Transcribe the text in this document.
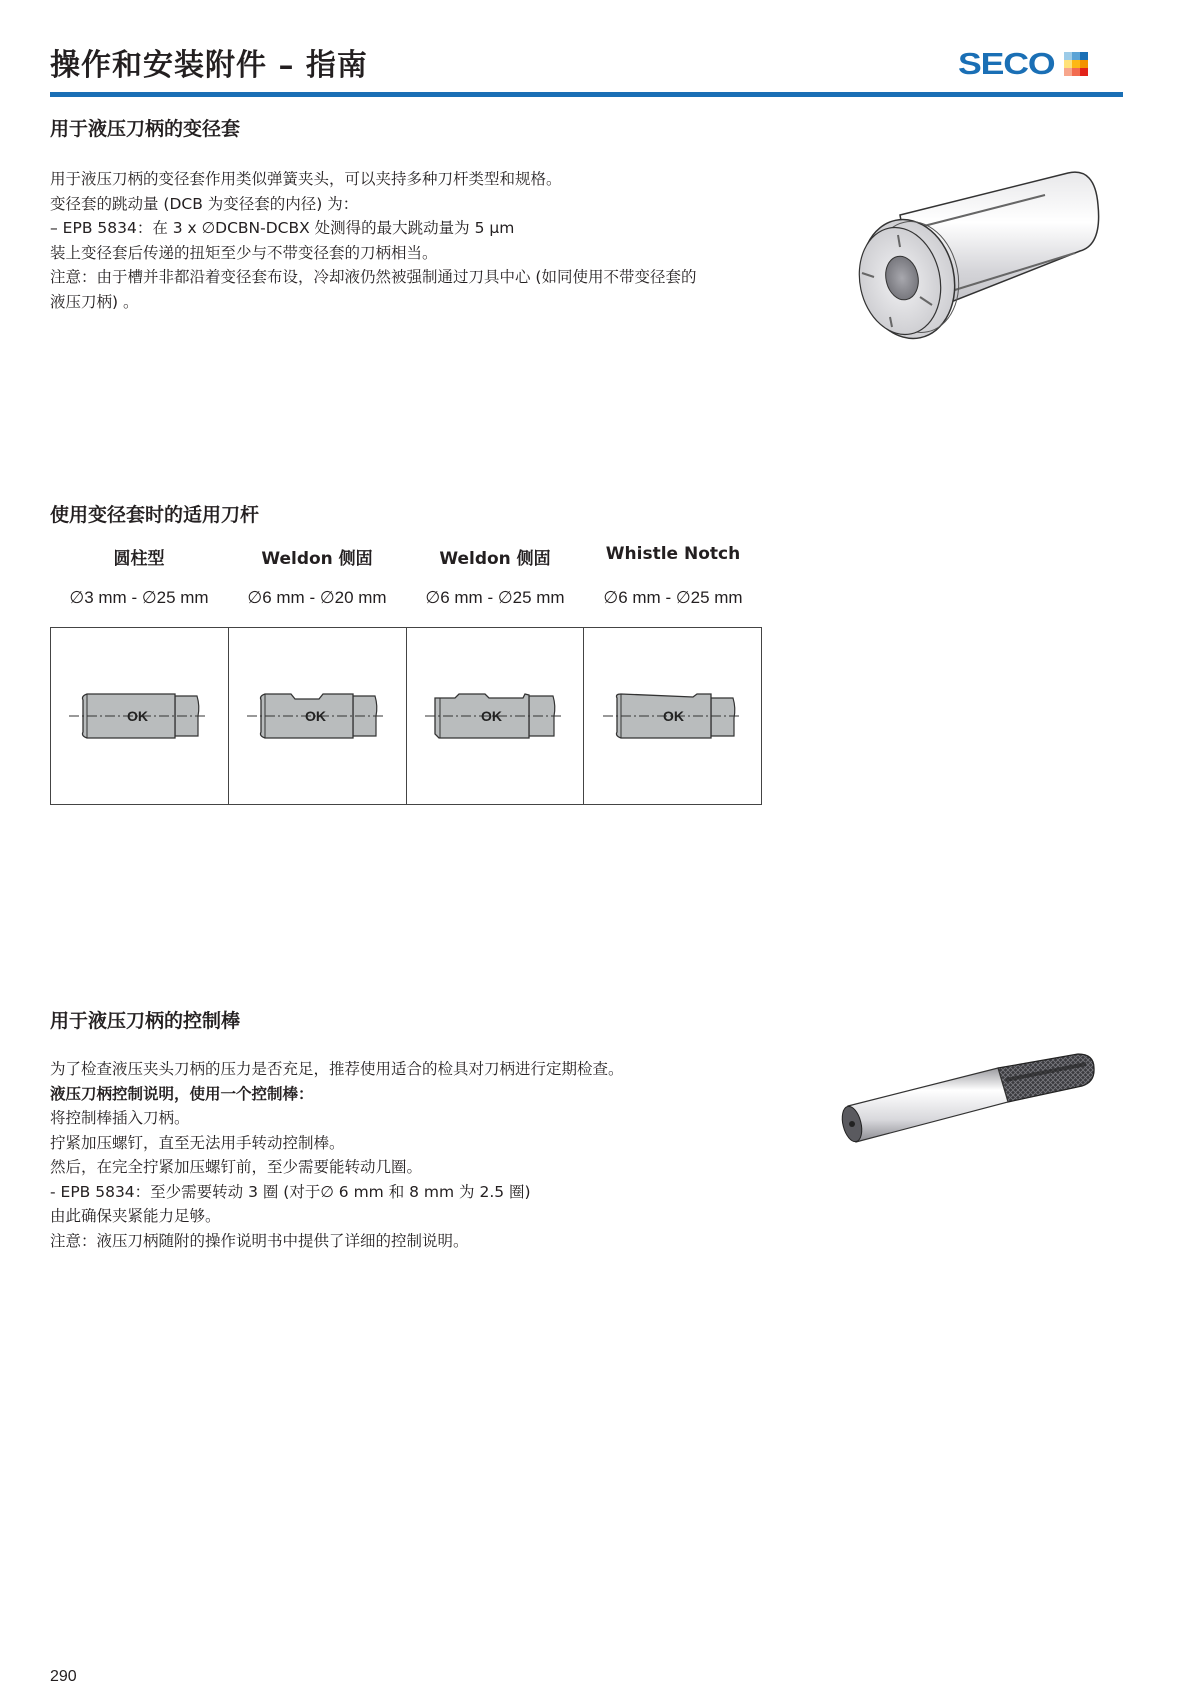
操作和安装附件 – 指南	SECO
用于液压刀柄的变径套
用于液压刀柄的变径套作用类似弹簧夹头，可以夹持多种刀杆类型和规格。
变径套的跳动量 (DCB 为变径套的内径) 为：
– EPB 5834：在 3 x ∅DCBN-DCBX 处测得的最大跳动量为 5 µm
装上变径套后传递的扭矩至少与不带变径套的刀柄相当。
注意：由于槽并非都沿着变径套布设，冷却液仍然被强制通过刀具中心 (如同使用不带变径套的
液压刀柄) 。
使用变径套时的适用刀杆
圆柱型	Weldon 侧固	Weldon 侧固	Whistle Notch
∅3 mm - ∅25 mm	∅6 mm - ∅20 mm	∅6 mm - ∅25 mm	∅6 mm - ∅25 mm
OK	OK	OK	OK
用于液压刀柄的控制棒
为了检查液压夹头刀柄的压力是否充足，推荐使用适合的检具对刀柄进行定期检查。
液压刀柄控制说明，使用一个控制棒：
将控制棒插入刀柄。
拧紧加压螺钉，直至无法用手转动控制棒。
然后，在完全拧紧加压螺钉前，至少需要能转动几圈。
- EPB 5834：至少需要转动 3 圈 (对于∅ 6 mm 和 8 mm 为 2.5 圈)
由此确保夹紧能力足够。
注意：液压刀柄随附的操作说明书中提供了详细的控制说明。
290
